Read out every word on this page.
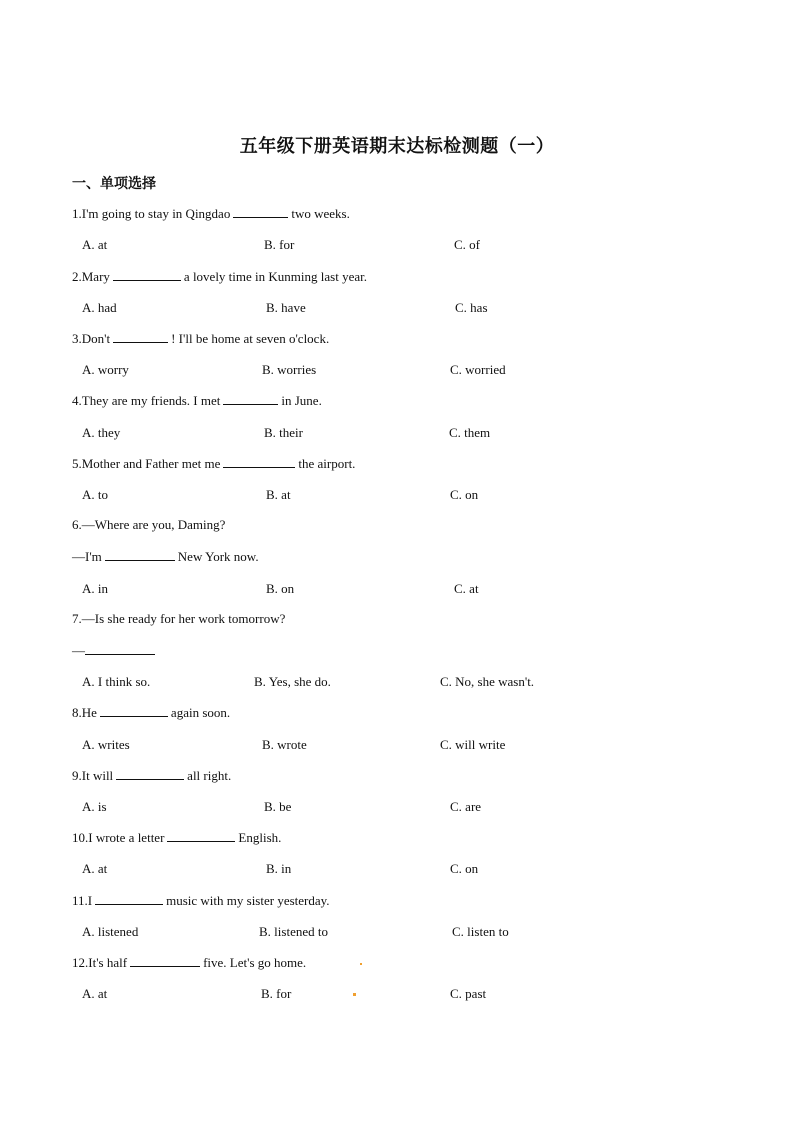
五年级下册英语期末达标检测题（一）
一、单项选择
1.I'm going to stay in Qingdao	two weeks.
A. at	B. for	C. of
2.Mary	a lovely time in Kunming last year.
A. had	B. have	C. has
3.Don't	! I'll be home at seven o'clock.
A. worry	B. worries	C. worried
4.They are my friends. I met	in June.
A. they	B. their	C. them
5.Mother and Father met me	the airport.
A. to	B. at	C. on
6.—Where are you, Daming?
—I'm	New York now.
A. in	B. on	C. at
7.—Is she ready for her work tomorrow?
—
A. I think so.	B. Yes, she do.	C. No, she wasn't.
8.He	again soon.
A. writes	B. wrote	C. will write
9.It will	all right.
A. is	B. be	C. are
10.I wrote a letter	English.
A. at	B. in	C. on
11.I	music with my sister yesterday.
A. listened	B. listened to	C. listen to
12.It's half	five. Let's go home.
A. at	B. for	C. past
